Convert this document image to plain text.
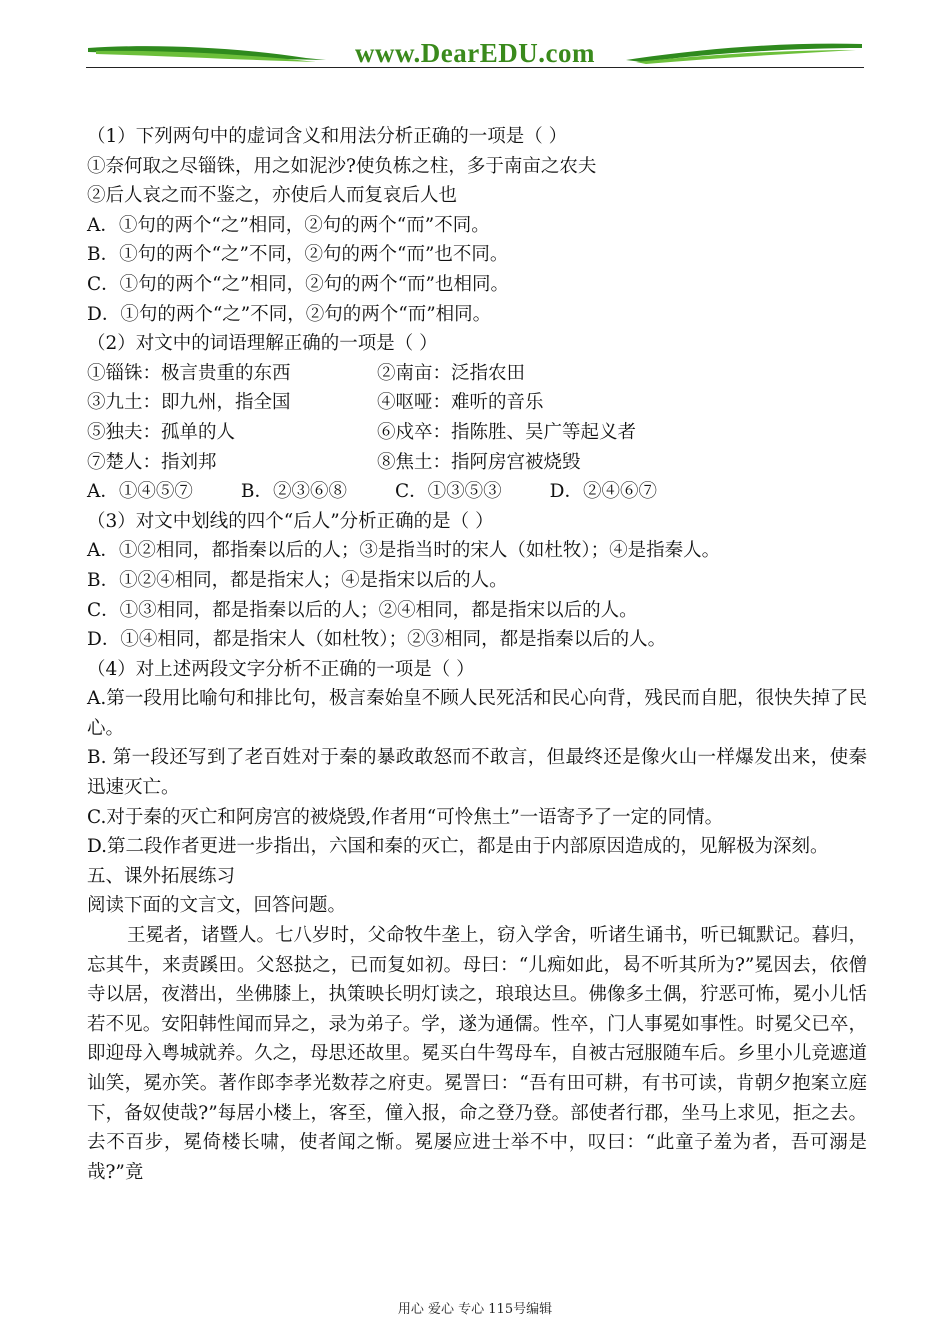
www.DearEDU.com
（1）下列两句中的虚词含义和用法分析正确的一项是（ ）
①奈何取之尽锱铢，用之如泥沙?使负栋之柱，多于南亩之农夫
②后人哀之而不鉴之，亦使后人而复哀后人也
A．①句的两个“之”相同，②句的两个“而”不同。
B．①句的两个“之”不同，②句的两个“而”也不同。
C．①句的两个“之”相同，②句的两个“而”也相同。
D．①句的两个“之”不同，②句的两个“而”相同。
（2）对文中的词语理解正确的一项是（ ）
①锱铢：极言贵重的东西	②南亩：泛指农田
③九土：即九州，指全国	④呕哑：难听的音乐
⑤独夫：孤单的人	⑥戍卒：指陈胜、吴广等起义者
⑦楚人：指刘邦	⑧焦土：指阿房宫被烧毁
A．①④⑤⑦	B．②③⑥⑧	C．①③⑤③	D．②④⑥⑦
（3）对文中划线的四个“后人”分析正确的是（ ）
A．①②相同，都指秦以后的人；③是指当时的宋人（如杜牧）；④是指秦人。
B．①②④相同，都是指宋人；④是指宋以后的人。
C．①③相同，都是指秦以后的人；②④相同，都是指宋以后的人。
D．①④相同，都是指宋人（如杜牧）；②③相同，都是指秦以后的人。
（4）对上述两段文字分析不正确的一项是（ ）
A.第一段用比喻句和排比句，极言秦始皇不顾人民死活和民心向背，残民而自肥，很快失掉了民心。
B. 第一段还写到了老百姓对于秦的暴政敢怒而不敢言，但最终还是像火山一样爆发出来，使秦迅速灭亡。
C.对于秦的灭亡和阿房宫的被烧毁,作者用“可怜焦土”一语寄予了一定的同情。
D.第二段作者更进一步指出，六国和秦的灭亡，都是由于内部原因造成的，见解极为深刻。
五、课外拓展练习
阅读下面的文言文，回答问题。
王冕者，诸暨人。七八岁时，父命牧牛垄上，窃入学舍，听诸生诵书，听已辄默记。暮归，忘其牛，来责蹊田。父怒挞之，已而复如初。母曰：“儿痴如此，曷不听其所为?”冕因去，依僧寺以居，夜潜出，坐佛膝上，执策映长明灯读之，琅琅达旦。佛像多土偶，狞恶可怖，冕小儿恬若不见。安阳韩性闻而异之，录为弟子。学，遂为通儒。性卒，门人事冕如事性。时冕父已卒，即迎母入粤城就养。久之，母思还故里。冕买白牛驾母车，自被古冠服随车后。乡里小儿竞遮道讪笑，冕亦笑。著作郎李孝光数荐之府吏。冕詈曰：“吾有田可耕，有书可读，肯朝夕抱案立庭下，备奴使哉?”每居小楼上，客至，僮入报，命之登乃登。部使者行郡，坐马上求见，拒之去。去不百步，冕倚楼长啸，使者闻之惭。冕屡应进士举不中，叹曰：“此童子羞为者，吾可溺是哉?”竟
用心 爱心 专心 115号编辑
